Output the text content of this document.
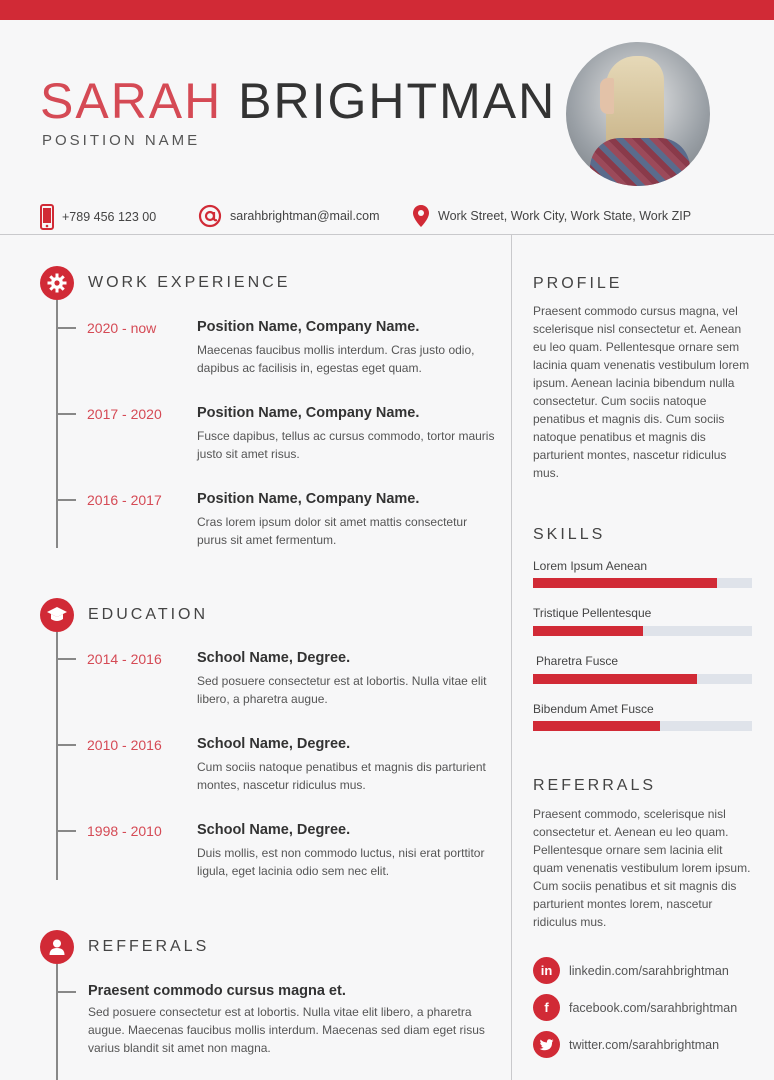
SARAH BRIGHTMAN
POSITION NAME
+789 456 123 00	sarahbrightman@mail.com	Work Street, Work City, Work State, Work ZIP
WORK EXPERIENCE
2020 - now	Position Name, Company Name.
Maecenas faucibus mollis interdum. Cras justo odio, dapibus ac facilisis in, egestas eget quam.
2017 - 2020 Position Name, Company Name.
Fusce dapibus, tellus ac cursus commodo, tortor mauris justo sit amet risus.
2016 - 2017 Position Name, Company Name.
Cras lorem ipsum dolor sit amet mattis consectetur purus sit amet fermentum.
EDUCATION
2014 - 2016 School Name, Degree.
Sed posuere consectetur est at lobortis. Nulla vitae elit libero, a pharetra augue.
2010 - 2016 School Name, Degree.
Cum sociis natoque penatibus et magnis dis parturient montes, nascetur ridiculus mus.
1998 - 2010 School Name, Degree.
Duis mollis, est non commodo luctus, nisi erat porttitor ligula, eget lacinia odio sem nec elit.
REFFERALS
Praesent commodo cursus magna et.
Sed posuere consectetur est at lobortis. Nulla vitae elit libero, a pharetra augue. Maecenas faucibus mollis interdum. Maecenas sed diam eget risus varius blandit sit amet non magna.
PROFILE
Praesent commodo cursus magna, vel scelerisque nisl consectetur et. Aenean eu leo quam. Pellentesque ornare sem lacinia quam venenatis vestibulum lorem ipsum. Aenean lacinia bibendum nulla consectetur. Cum sociis natoque penatibus et magnis dis. Cum sociis natoque penatibus et magnis dis parturient montes, nascetur ridiculus mus.
SKILLS
Lorem Ipsum Aenean
Tristique Pellentesque
Pharetra Fusce
Bibendum Amet Fusce
REFERRALS
Praesent commodo, scelerisque nisl consectetur et. Aenean eu leo quam. Pellentesque ornare sem lacinia elit quam venenatis vestibulum lorem ipsum. Cum sociis penatibus et sit magnis dis parturient montes lorem, nascetur ridiculus mus.
in	linkedin.com/sarahbrightman
f	facebook.com/sarahbrightman
twitter.com/sarahbrightman
